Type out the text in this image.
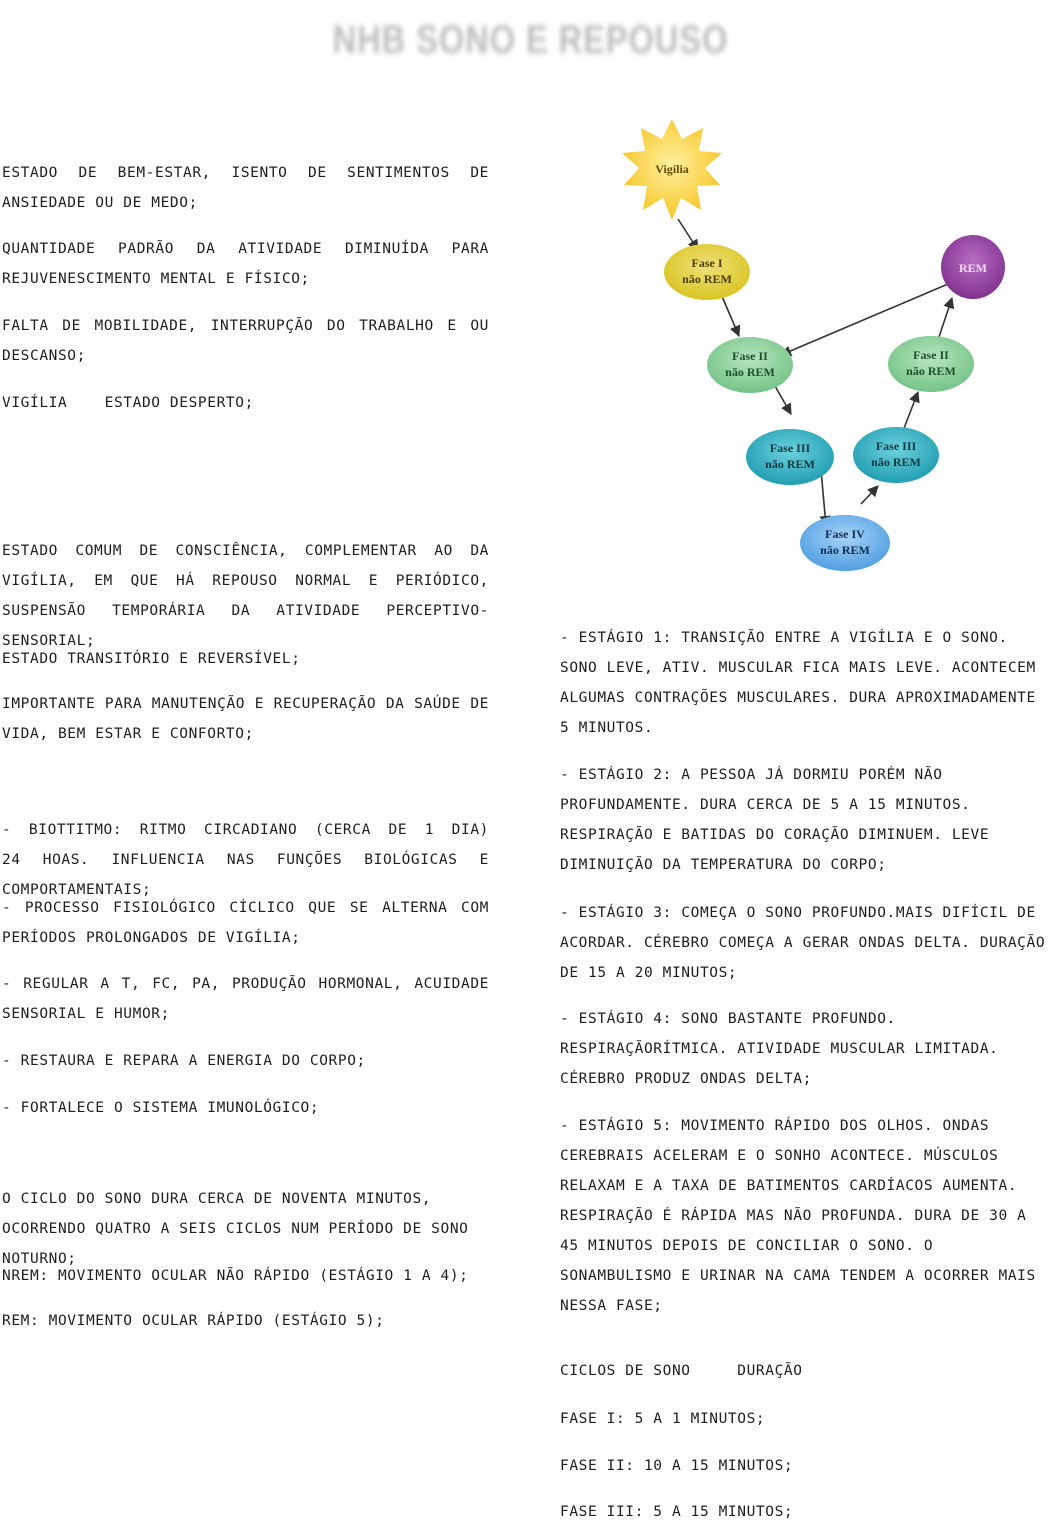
NHB SONO E REPOUSO

ESTADO DE BEM-ESTAR, ISENTO DE SENTIMENTOS DE ANSIEDADE OU DE MEDO;

QUANTIDADE PADRÃO DA ATIVIDADE DIMINUÍDA PARA REJUVENESCIMENTO MENTAL E FÍSICO;

FALTA DE MOBILIDADE, INTERRUPÇÃO DO TRABALHO E OU DESCANSO;

VIGÍLIA    ESTADO DESPERTO;

ESTADO COMUM DE CONSCIÊNCIA, COMPLEMENTAR AO DA VIGÍLIA, EM QUE HÁ REPOUSO NORMAL E PERIÓDICO, SUSPENSÃO TEMPORÁRIA DA ATIVIDADE PERCEPTIVO-SENSORIAL;

ESTADO TRANSITÓRIO E REVERSÍVEL;

IMPORTANTE PARA MANUTENÇÃO E RECUPERAÇÃO DA SAÚDE DE VIDA, BEM ESTAR E CONFORTO;

- BIOTTITMO: RITMO CIRCADIANO (CERCA DE 1 DIA)      24 HOAS. INFLUENCIA NAS FUNÇÕES BIOLÓGICAS E COMPORTAMENTAIS;

- PROCESSO FISIOLÓGICO CÍCLICO QUE SE ALTERNA COM PERÍODOS PROLONGADOS DE VIGÍLIA;

- REGULAR A T, FC, PA, PRODUÇÃO HORMONAL, ACUIDADE SENSORIAL E HUMOR;

- RESTAURA E REPARA A ENERGIA DO CORPO;

- FORTALECE O SISTEMA IMUNOLÓGICO;

O CICLO DO SONO DURA CERCA DE NOVENTA MINUTOS, OCORRENDO QUATRO A SEIS CICLOS NUM PERÍODO DE SONO NOTURNO;

NREM: MOVIMENTO OCULAR NÃO RÁPIDO (ESTÁGIO 1 A 4);

REM: MOVIMENTO OCULAR RÁPIDO (ESTÁGIO 5);

Vigília
Fase I
não REM
Fase II
não REM
Fase III
não REM
Fase IV
não REM
Fase III
não REM
Fase II
não REM
REM

- ESTÁGIO 1: TRANSIÇÃO ENTRE A VIGÍLIA E O SONO. SONO LEVE, ATIV. MUSCULAR FICA MAIS LEVE. ACONTECEM ALGUMAS CONTRAÇÕES MUSCULARES. DURA APROXIMADAMENTE 5 MINUTOS.

- ESTÁGIO 2: A PESSOA JÁ DORMIU PORÉM NÃO PROFUNDAMENTE. DURA CERCA DE 5 A 15 MINUTOS. RESPIRAÇÃO E BATIDAS DO CORAÇÃO DIMINUEM. LEVE DIMINUIÇÃO DA TEMPERATURA DO CORPO;

- ESTÁGIO 3: COMEÇA O SONO PROFUNDO.MAIS DIFÍCIL DE ACORDAR. CÉREBRO COMEÇA A GERAR ONDAS DELTA. DURAÇÃO DE 15 A 20 MINUTOS;

- ESTÁGIO 4: SONO BASTANTE PROFUNDO. RESPIRAÇÃORÍTMICA. ATIVIDADE MUSCULAR LIMITADA. CÉREBRO PRODUZ ONDAS DELTA;

- ESTÁGIO 5: MOVIMENTO RÁPIDO DOS OLHOS. ONDAS CEREBRAIS ACELERAM E O SONHO ACONTECE. MÚSCULOS RELAXAM E A TAXA DE BATIMENTOS CARDÍACOS AUMENTA. RESPIRAÇÃO É RÁPIDA MAS NÃO PROFUNDA. DURA DE 30 A 45 MINUTOS DEPOIS DE CONCILIAR O SONO. O SONAMBULISMO E URINAR NA CAMA TENDEM A OCORRER MAIS NESSA FASE;

CICLOS DE SONO     DURAÇÃO

FASE I: 5 A 1 MINUTOS;

FASE II: 10 A 15 MINUTOS;

FASE III: 5 A 15 MINUTOS;
